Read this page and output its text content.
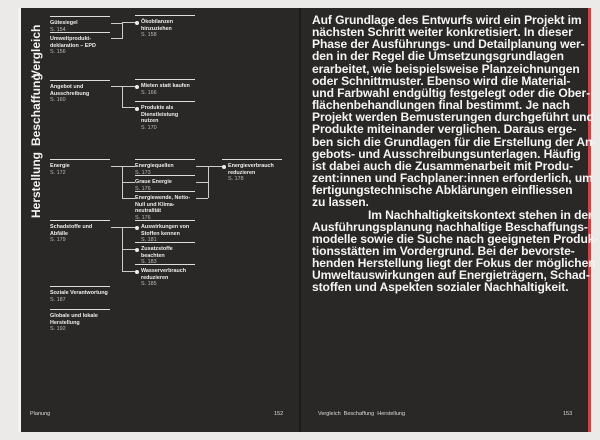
Vergleich
Beschaffung
Herstellung
Gütesiegel
S. 154
Umweltprodukt-deklaration – EPD
S. 156
Ökobilanzen hinzuziehen
S. 158
Angebot und Ausschreibung
S. 160
Mieten statt kaufen
S. 166
Produkte als Dienstleistung nutzen
S. 170
Energie
S. 172
Energiequellen
S. 173
Graue Energie
S. 176
Energiewende, Netto-Null und Klima-neutralität
S. 176
Energieverbrauch reduzieren
S. 178
Schadstoffe und Abfälle
S. 179
Auswirkungen von Stoffen kennen
S. 181
Zusatzstoffe beachten
S. 183
Wasserverbrauch reduzieren
S. 185
Soziale Verantwortung
S. 187
Globale und lokale Herstellung
S. 192
Auf Grundlage des Entwurfs wird ein Projekt im
nächsten Schritt weiter konkretisiert. In dieser
Phase der Ausführungs- und Detailplanung wer-
den in der Regel die Umsetzungsgrundlagen
erarbeitet, wie beispielsweise Planzeichnungen
oder Schnittmuster. Ebenso wird die Material-
und Farbwahl endgültig festgelegt oder die Ober-
flächenbehandlungen final bestimmt. Je nach
Projekt werden Bemusterungen durchgeführt und
Produkte miteinander verglichen. Daraus erge-
ben sich die Grundlagen für die Erstellung der An-
gebots- und Ausschreibungsunterlagen. Häufig
ist dabei auch die Zusammenarbeit mit Produ-
zent:innen und Fachplaner:innen erforderlich, um
fertigungstechnische Abklärungen einfliessen
zu lassen.
Im Nachhaltigkeitskontext stehen in der
Ausführungsplanung nachhaltige Beschaffungs-
modelle sowie die Suche nach geeigneten Produk-
tionsstätten im Vordergrund. Bei der bevorste-
henden Herstellung liegt der Fokus der möglichen
Umweltauswirkungen auf Energieträgern, Schad-
stoffen und Aspekten sozialer Nachhaltigkeit.
Planung	152	Vergleich  Beschaffung  Herstellung	153
